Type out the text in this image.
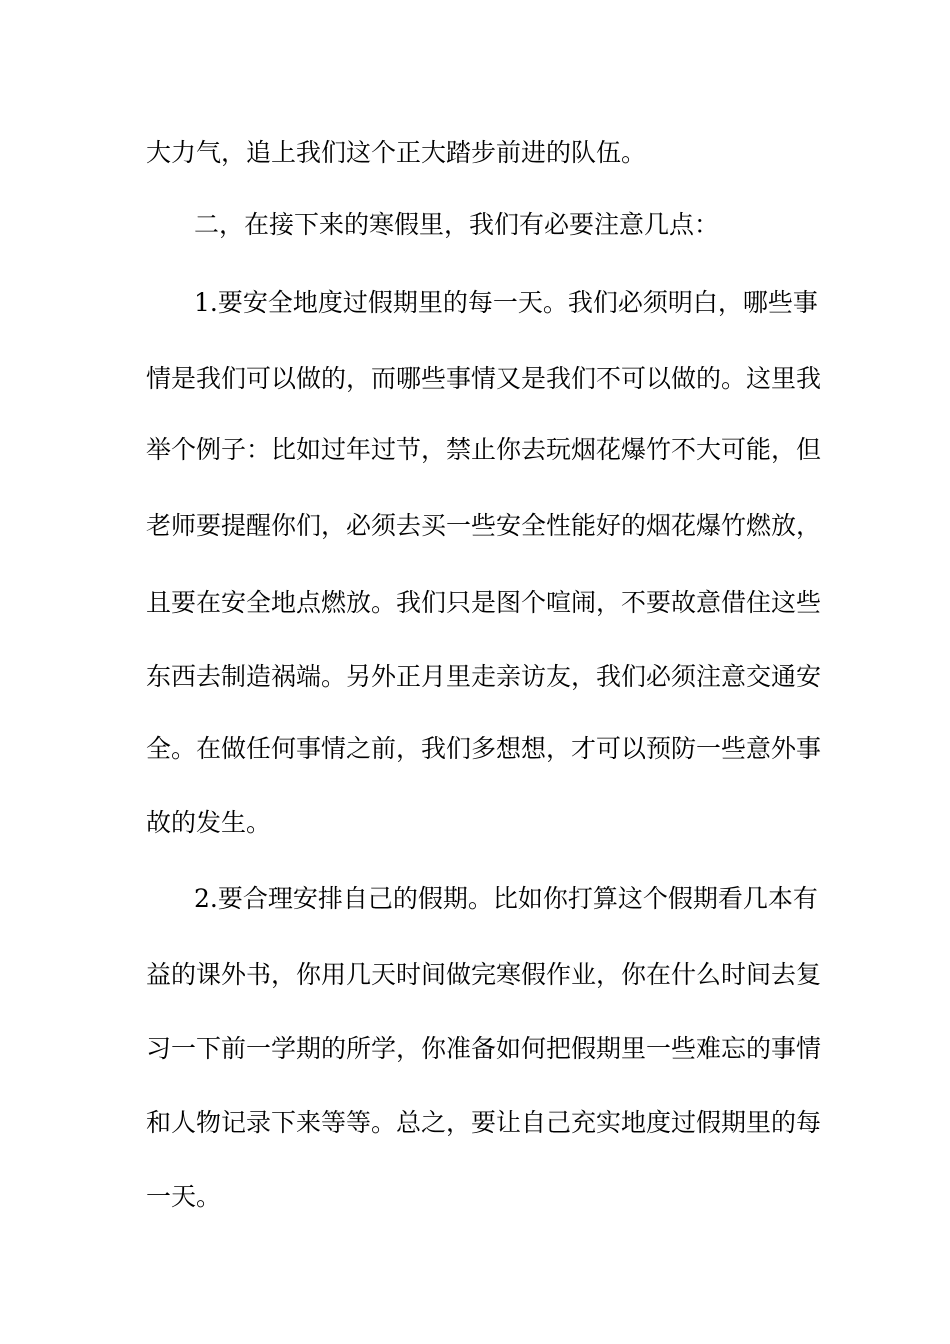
大力气，追上我们这个正大踏步前进的队伍。
二，在接下来的寒假里，我们有必要注意几点：
1.要安全地度过假期里的每一天。我们必须明白，哪些事
情是我们可以做的，而哪些事情又是我们不可以做的。这里我
举个例子：比如过年过节，禁止你去玩烟花爆竹不大可能，但
老师要提醒你们，必须去买一些安全性能好的烟花爆竹燃放，
且要在安全地点燃放。我们只是图个喧闹，不要故意借住这些
东西去制造祸端。另外正月里走亲访友，我们必须注意交通安
全。在做任何事情之前，我们多想想，才可以预防一些意外事
故的发生。
2.要合理安排自己的假期。比如你打算这个假期看几本有
益的课外书，你用几天时间做完寒假作业，你在什么时间去复
习一下前一学期的所学，你准备如何把假期里一些难忘的事情
和人物记录下来等等。总之，要让自己充实地度过假期里的每
一天。
